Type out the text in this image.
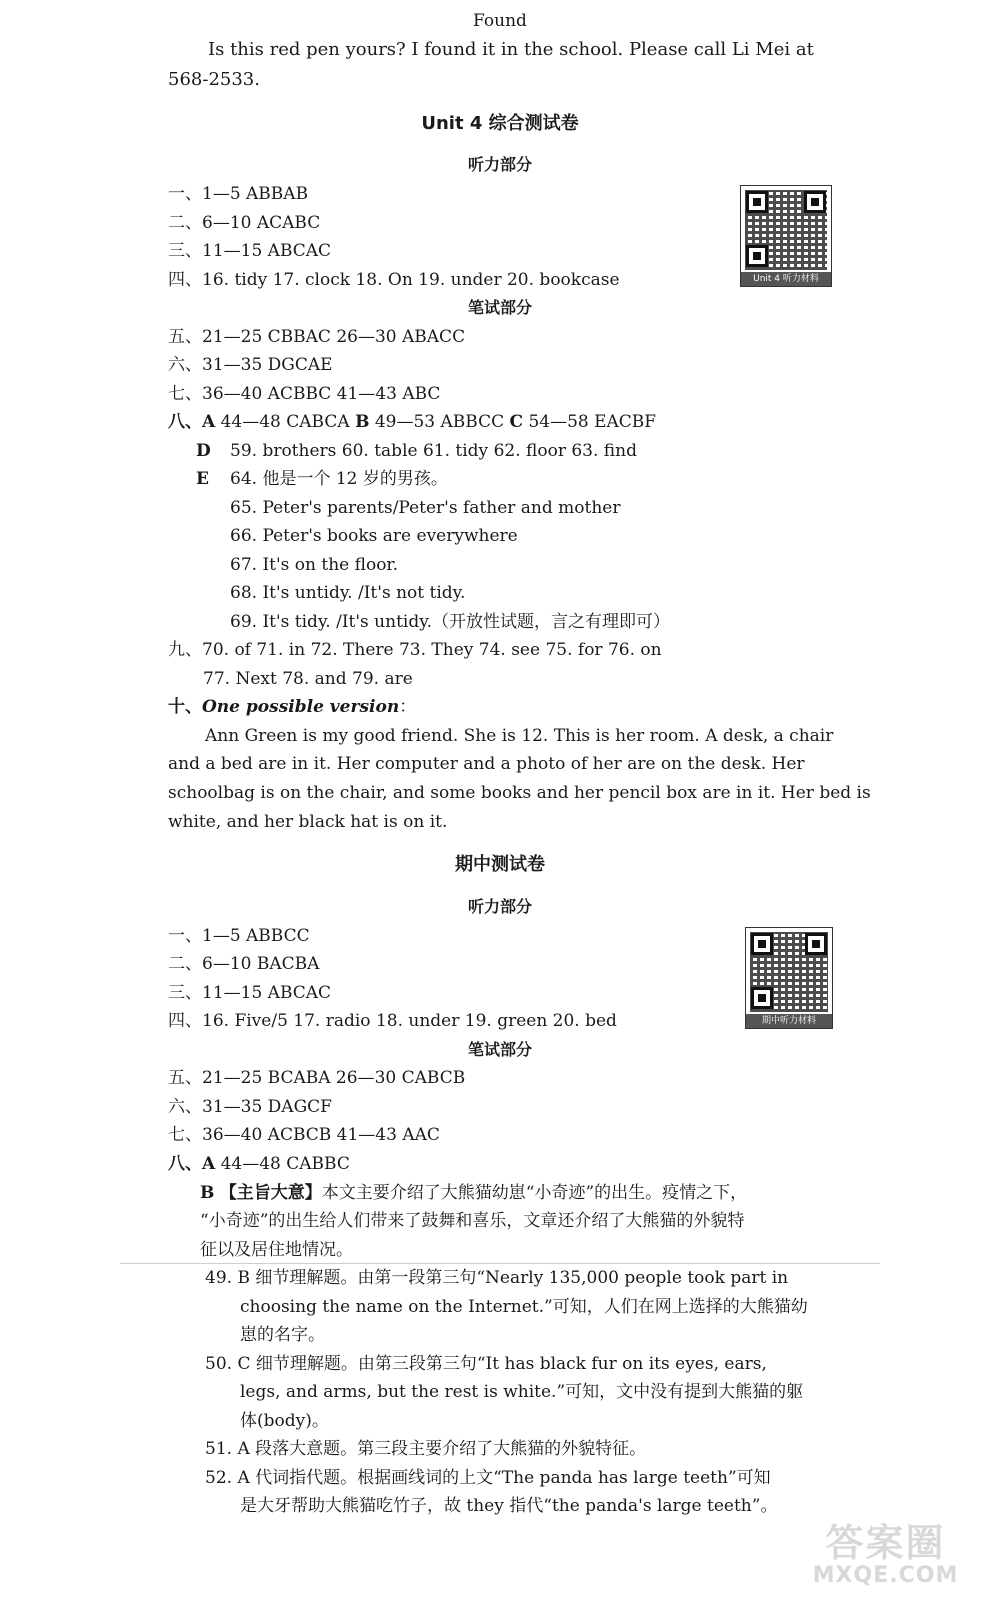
Found
Is this red pen yours? I found it in the school. Please call Li Mei at
568-2533.
Unit 4 综合测试卷
听力部分
Unit 4 听力材料
一、1—5 ABBAB
二、6—10 ACABC
三、11—15 ABCAC
四、16. tidy 17. clock 18. On 19. under 20. bookcase
笔试部分
五、21—25 CBBAC 26—30 ABACC
六、31—35 DGCAE
七、36—40 ACBBC 41—43 ABC
八、A 44—48 CABCA B 49—53 ABBCC C 54—58 EACBF
D 59. brothers 60. table 61. tidy 62. floor 63. find
E 64. 他是一个 12 岁的男孩。
65. Peter's parents/Peter's father and mother
66. Peter's books are everywhere
67. It's on the floor.
68. It's untidy. /It's not tidy.
69. It's tidy. /It's untidy.（开放性试题，言之有理即可）
九、70. of 71. in 72. There 73. They 74. see 75. for 76. on
77. Next 78. and 79. are
十、One possible version：
Ann Green is my good friend. She is 12. This is her room. A desk, a chair
and a bed are in it. Her computer and a photo of her are on the desk. Her
schoolbag is on the chair, and some books and her pencil box are in it. Her bed is
white, and her black hat is on it.
期中测试卷
听力部分
期中听力材料
一、1—5 ABBCC
二、6—10 BACBA
三、11—15 ABCAC
四、16. Five/5 17. radio 18. under 19. green 20. bed
笔试部分
五、21—25 BCABA 26—30 CABCB
六、31—35 DAGCF
七、36—40 ACBCB 41—43 AAC
八、A 44—48 CABBC
B 【主旨大意】本文主要介绍了大熊猫幼崽“小奇迹”的出生。疫情之下，
“小奇迹”的出生给人们带来了鼓舞和喜乐，文章还介绍了大熊猫的外貌特
征以及居住地情况。
49. B 细节理解题。由第一段第三句“Nearly 135,000 people took part in
choosing the name on the Internet.”可知，人们在网上选择的大熊猫幼
崽的名字。
50. C 细节理解题。由第三段第三句“It has black fur on its eyes, ears,
legs, and arms, but the rest is white.”可知，文中没有提到大熊猫的躯
体(body)。
51. A 段落大意题。第三段主要介绍了大熊猫的外貌特征。
52. A 代词指代题。根据画线词的上文“The panda has large teeth”可知
是大牙帮助大熊猫吃竹子，故 they 指代“the panda's large teeth”。
答案圈
MXQE.COM
